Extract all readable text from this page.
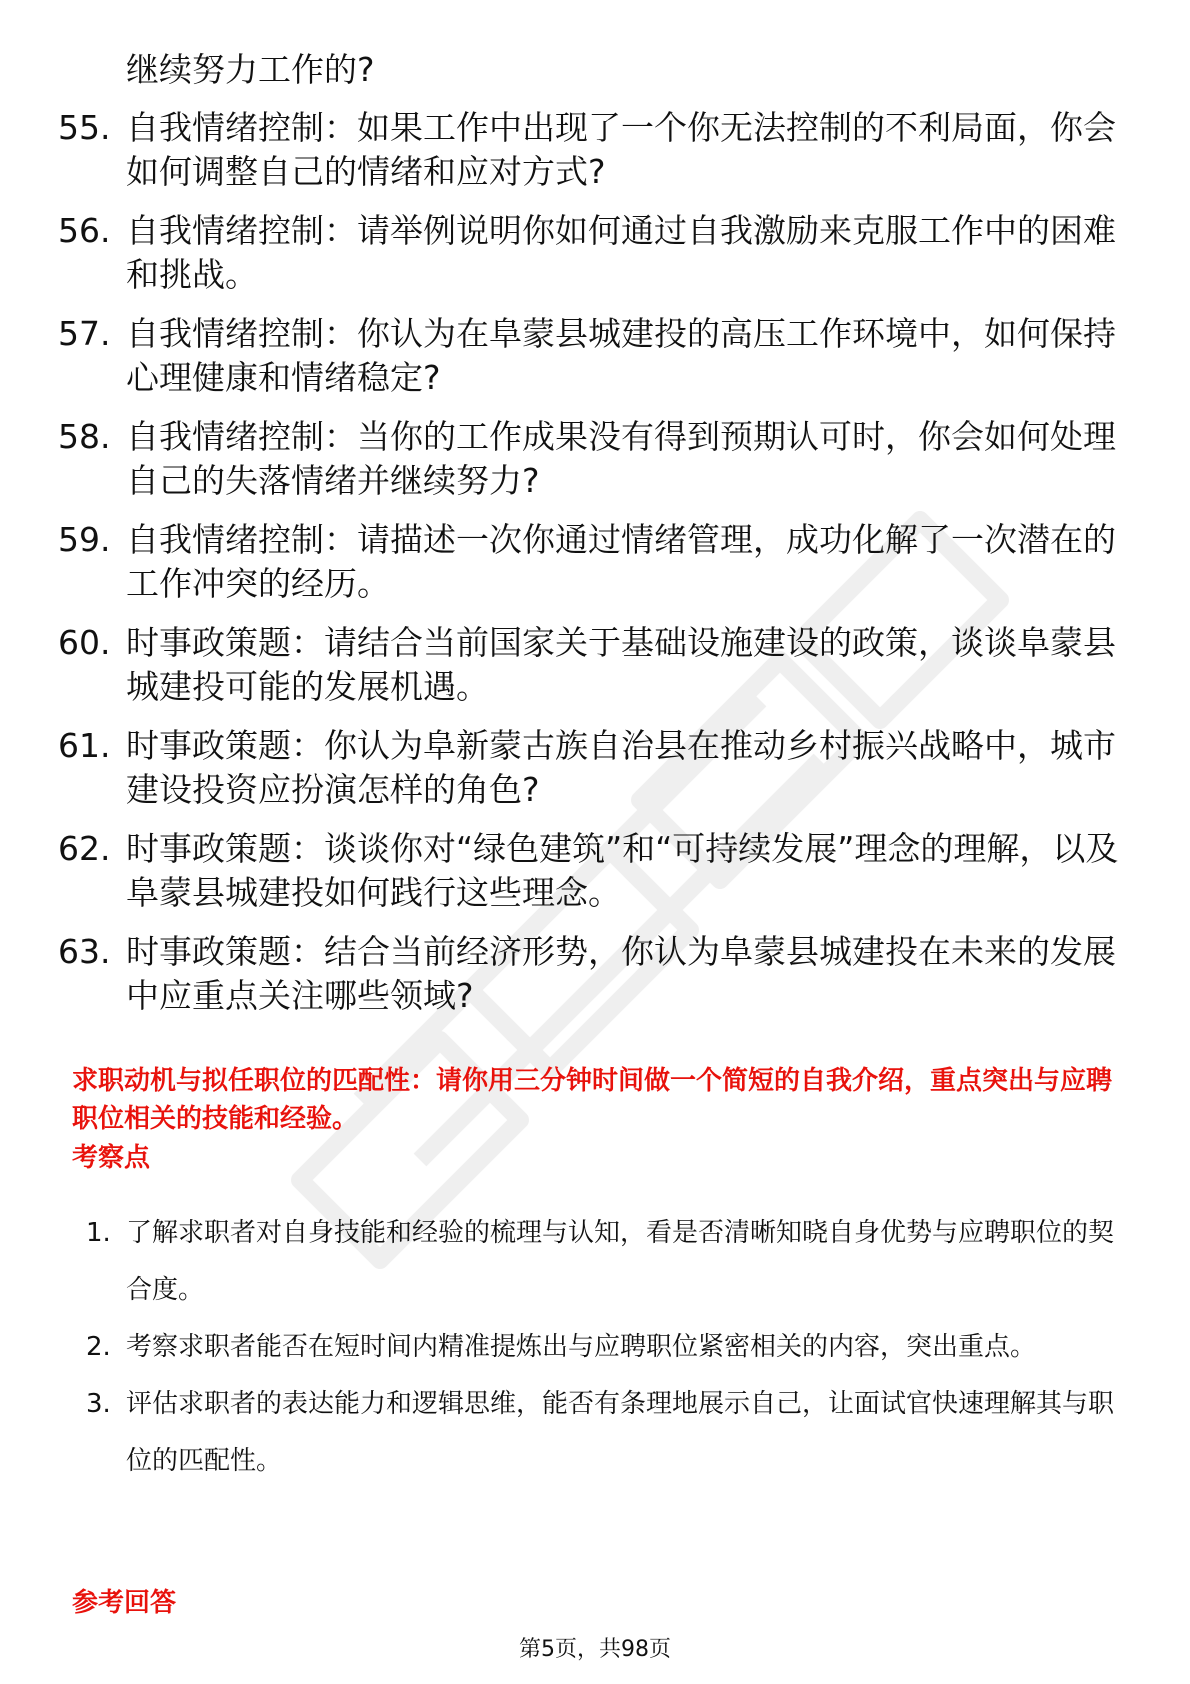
继续努力工作的?
55. 自我情绪控制：如果工作中出现了一个你无法控制的不利局面，你会如何调整自己的情绪和应对方式?
56. 自我情绪控制：请举例说明你如何通过自我激励来克服工作中的困难和挑战。
57. 自我情绪控制：你认为在阜蒙县城建投的高压工作环境中，如何保持心理健康和情绪稳定?
58. 自我情绪控制：当你的工作成果没有得到预期认可时，你会如何处理自己的失落情绪并继续努力?
59. 自我情绪控制：请描述一次你通过情绪管理，成功化解了一次潜在的工作冲突的经历。
60. 时事政策题：请结合当前国家关于基础设施建设的政策，谈谈阜蒙县城建投可能的发展机遇。
61. 时事政策题：你认为阜新蒙古族自治县在推动乡村振兴战略中，城市建设投资应扮演怎样的角色?
62. 时事政策题：谈谈你对“绿色建筑”和“可持续发展”理念的理解，以及阜蒙县城建投如何践行这些理念。
63. 时事政策题：结合当前经济形势，你认为阜蒙县城建投在未来的发展中应重点关注哪些领域?
求职动机与拟任职位的匹配性：请你用三分钟时间做一个简短的自我介绍，重点突出与应聘职位相关的技能和经验。
考察点
1. 了解求职者对自身技能和经验的梳理与认知，看是否清晰知晓自身优势与应聘职位的契合度。
2. 考察求职者能否在短时间内精准提炼出与应聘职位紧密相关的内容，突出重点。
3. 评估求职者的表达能力和逻辑思维，能否有条理地展示自己，让面试官快速理解其与职位的匹配性。
参考回答
第5页，共98页
